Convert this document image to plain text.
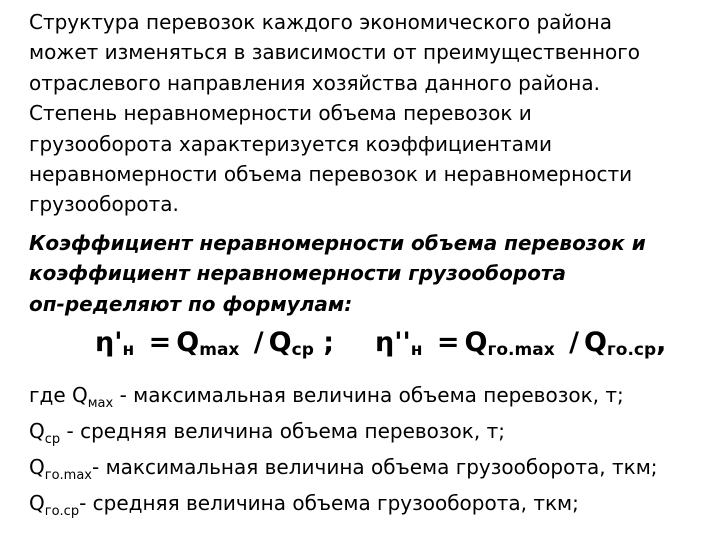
Структура перевозок каждого экономического района
может изменяться в зависимости от преимущественного
отраслевого направления хозяйства данного района.
Степень неравномерности объема перевозок и
грузооборота характеризуется коэффициентами
неравномерности объема перевозок и неравномерности
грузооборота.
Коэффициент неравномерности объема перевозок и
коэффициент неравномерности грузооборота
оп-ределяют по формулам:
η'н = Qmax / Qср ; η''н = Qго.max / Qго.ср,
где $Q_{мах}$ - максимальная величина объема перевозок, т;
$Q_{ср}$ - средняя величина объема перевозок, т;
$Q_{го.max}-$ максимальная величина объема грузооборота, ткм;
$Q_{го.ср}-$ средняя величина объема грузооборота, ткм;
